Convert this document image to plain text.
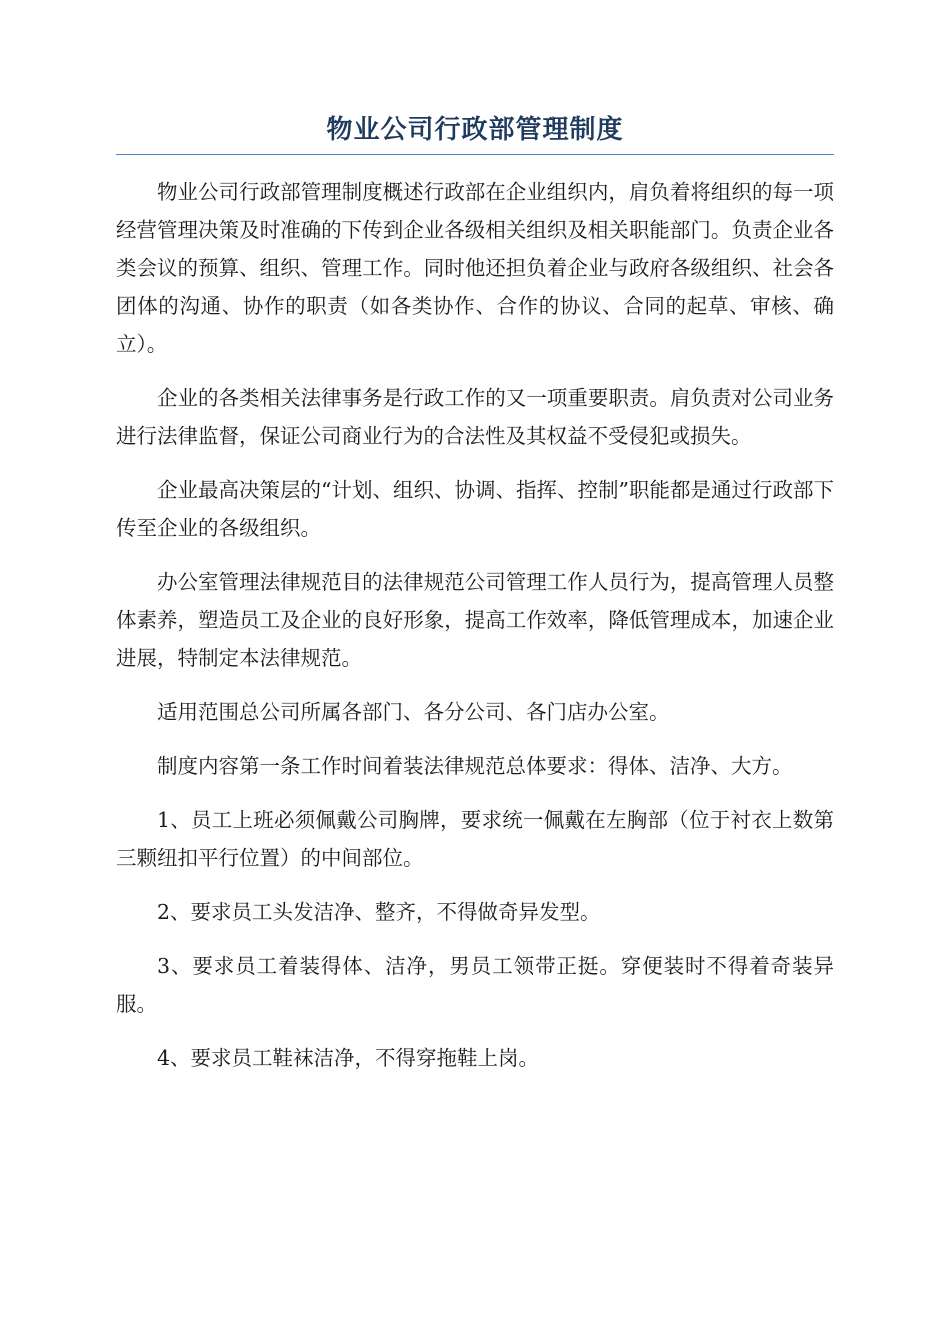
物业公司行政部管理制度

物业公司行政部管理制度概述行政部在企业组织内，肩负着将组织的每一项经营管理决策及时准确的下传到企业各级相关组织及相关职能部门。负责企业各类会议的预算、组织、管理工作。同时他还担负着企业与政府各级组织、社会各团体的沟通、协作的职责（如各类协作、合作的协议、合同的起草、审核、确立）。

企业的各类相关法律事务是行政工作的又一项重要职责。肩负责对公司业务进行法律监督，保证公司商业行为的合法性及其权益不受侵犯或损失。

企业最高决策层的“计划、组织、协调、指挥、控制”职能都是通过行政部下传至企业的各级组织。

办公室管理法律规范目的法律规范公司管理工作人员行为，提高管理人员整体素养，塑造员工及企业的良好形象，提高工作效率，降低管理成本，加速企业进展，特制定本法律规范。

适用范围总公司所属各部门、各分公司、各门店办公室。

制度内容第一条工作时间着装法律规范总体要求：得体、洁净、大方。

1、员工上班必须佩戴公司胸牌，要求统一佩戴在左胸部（位于衬衣上数第三颗纽扣平行位置）的中间部位。

2、要求员工头发洁净、整齐，不得做奇异发型。

3、要求员工着装得体、洁净，男员工领带正挺。穿便装时不得着奇装异服。

4、要求员工鞋袜洁净，不得穿拖鞋上岗。
